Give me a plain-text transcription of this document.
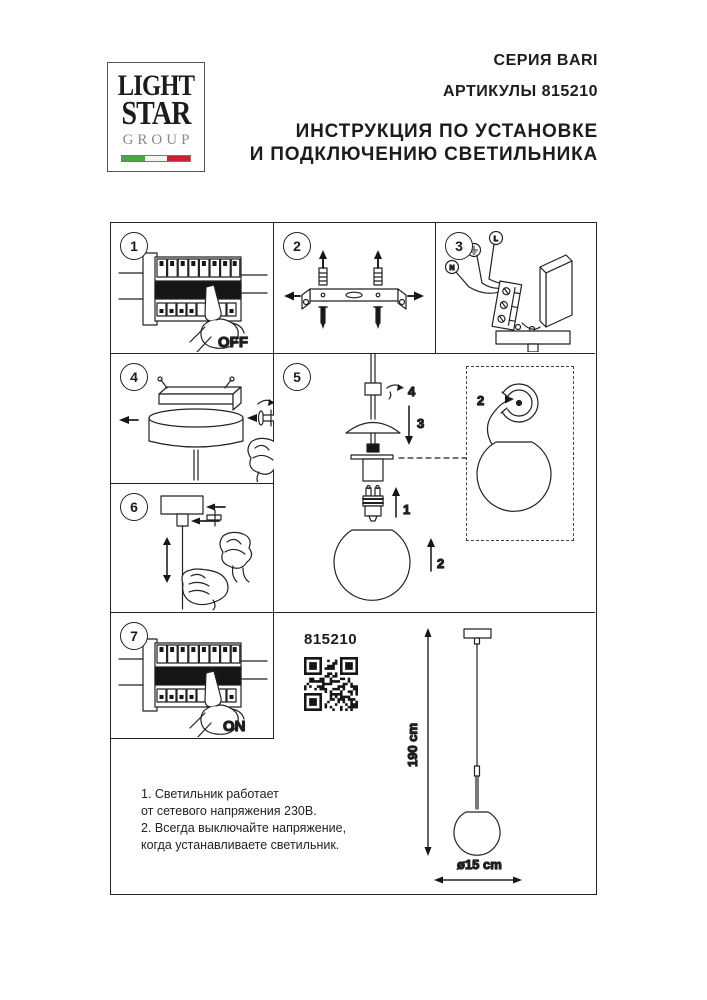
LIGHT
STAR
GROUP
СЕРИЯ BARI
АРТИКУЛЫ 815210
ИНСТРУКЦИЯ ПО УСТАНОВКЕ
И ПОДКЛЮЧЕНИЮ СВЕТИЛЬНИКА
1
OFF
2	3
N
L
4
6
5
4
3
1
2
2
7
ON
815210
1. Светильник работает
от сетевого напряжения 230В.
2. Всегда выключайте напряжение,
когда устанавливаете светильник.
190 cm
ø15 cm
